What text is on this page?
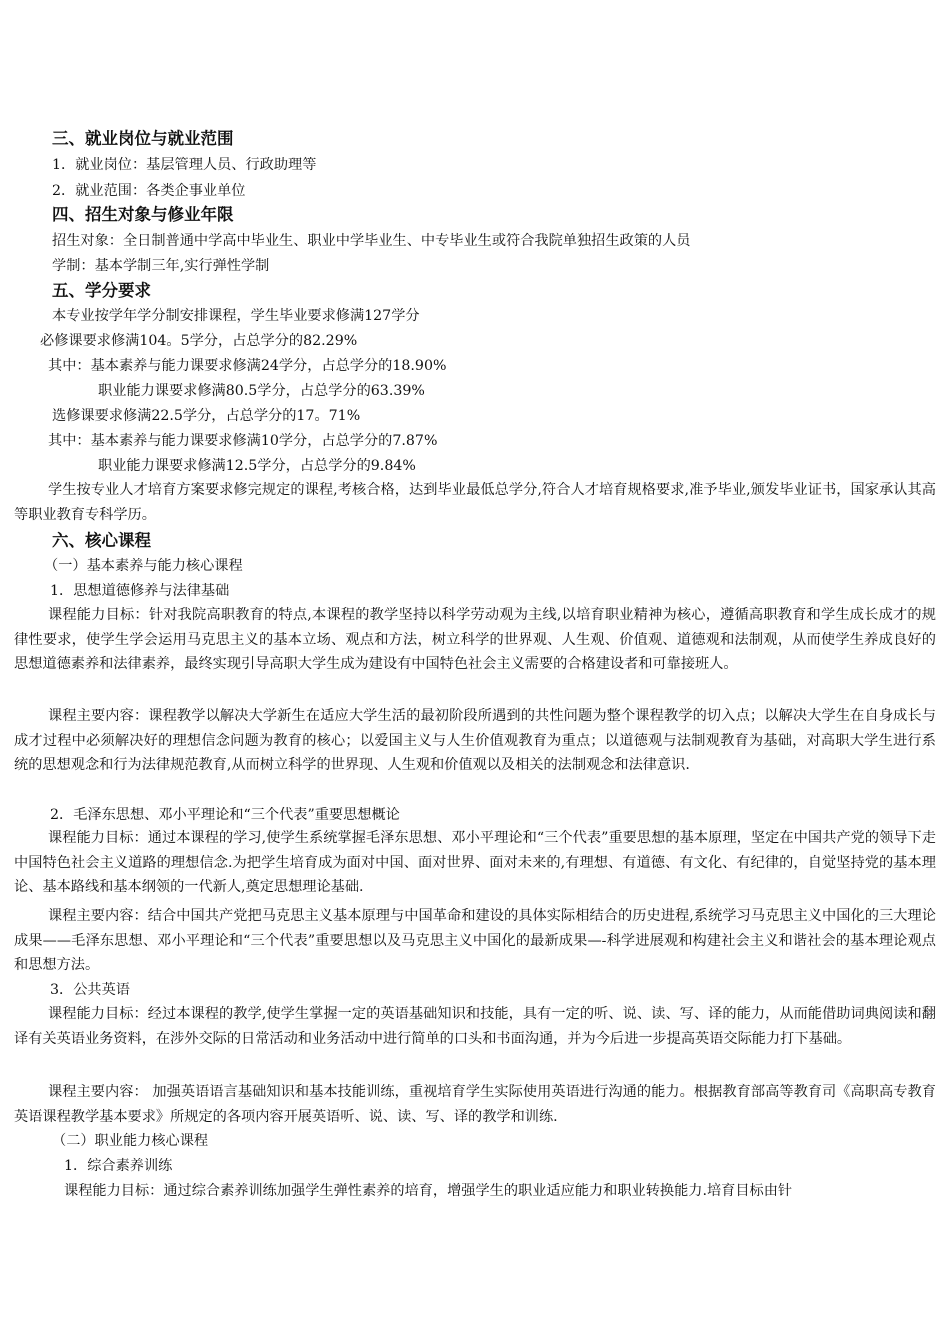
三、就业岗位与就业范围
1．就业岗位：基层管理人员、行政助理等
2．就业范围：各类企事业单位
四、招生对象与修业年限
招生对象：全日制普通中学高中毕业生、职业中学毕业生、中专毕业生或符合我院单独招生政策的人员
学制：基本学制三年,实行弹性学制
五、学分要求
本专业按学年学分制安排课程，学生毕业要求修满127学分
必修课要求修满104。5学分，占总学分的82.29%
其中：基本素养与能力课要求修满24学分，占总学分的18.90%
职业能力课要求修满80.5学分，占总学分的63.39%
选修课要求修满22.5学分，占总学分的17。71%
其中：基本素养与能力课要求修满10学分，占总学分的7.87%
职业能力课要求修满12.5学分，占总学分的9.84%

学生按专业人才培育方案要求修完规定的课程,考核合格，达到毕业最低总学分,符合人才培育规格要求,准予毕业,颁发毕业证书，国家承认其高等职业教育专科学历。

六、核心课程
（一）基本素养与能力核心课程
1．思想道德修养与法律基础

课程能力目标：针对我院高职教育的特点,本课程的教学坚持以科学劳动观为主线,以培育职业精神为核心，遵循高职教育和学生成长成才的规律性要求，使学生学会运用马克思主义的基本立场、观点和方法，树立科学的世界观、人生观、价值观、道德观和法制观，从而使学生养成良好的思想道德素养和法律素养，最终实现引导高职大学生成为建设有中国特色社会主义需要的合格建设者和可靠接班人。

课程主要内容：课程教学以解决大学新生在适应大学生活的最初阶段所遇到的共性问题为整个课程教学的切入点；以解决大学生在自身成长与成才过程中必须解决好的理想信念问题为教育的核心；以爱国主义与人生价值观教育为重点；以道德观与法制观教育为基础，对高职大学生进行系统的思想观念和行为法律规范教育,从而树立科学的世界现、人生观和价值观以及相关的法制观念和法律意识.

2．毛泽东思想、邓小平理论和“三个代表”重要思想概论

课程能力目标：通过本课程的学习,使学生系统掌握毛泽东思想、邓小平理论和“三个代表”重要思想的基本原理，坚定在中国共产党的领导下走中国特色社会主义道路的理想信念.为把学生培育成为面对中国、面对世界、面对未来的,有理想、有道德、有文化、有纪律的，自觉坚持党的基本理论、基本路线和基本纲领的一代新人,奠定思想理论基础.

课程主要内容：结合中国共产党把马克思主义基本原理与中国革命和建设的具体实际相结合的历史进程,系统学习马克思主义中国化的三大理论成果——毛泽东思想、邓小平理论和“三个代表”重要思想以及马克思主义中国化的最新成果—-科学进展观和构建社会主义和谐社会的基本理论观点和思想方法。

3．公共英语

课程能力目标：经过本课程的教学,使学生掌握一定的英语基础知识和技能，具有一定的听、说、读、写、译的能力，从而能借助词典阅读和翻译有关英语业务资料，在涉外交际的日常活动和业务活动中进行简单的口头和书面沟通，并为今后进一步提高英语交际能力打下基础。

课程主要内容： 加强英语语言基础知识和基本技能训练，重视培育学生实际使用英语进行沟通的能力。根据教育部高等教育司《高职高专教育英语课程教学基本要求》所规定的各项内容开展英语听、说、读、写、译的教学和训练.

（二）职业能力核心课程
1．综合素养训练
课程能力目标：通过综合素养训练加强学生弹性素养的培育，增强学生的职业适应能力和职业转换能力.培育目标由针
